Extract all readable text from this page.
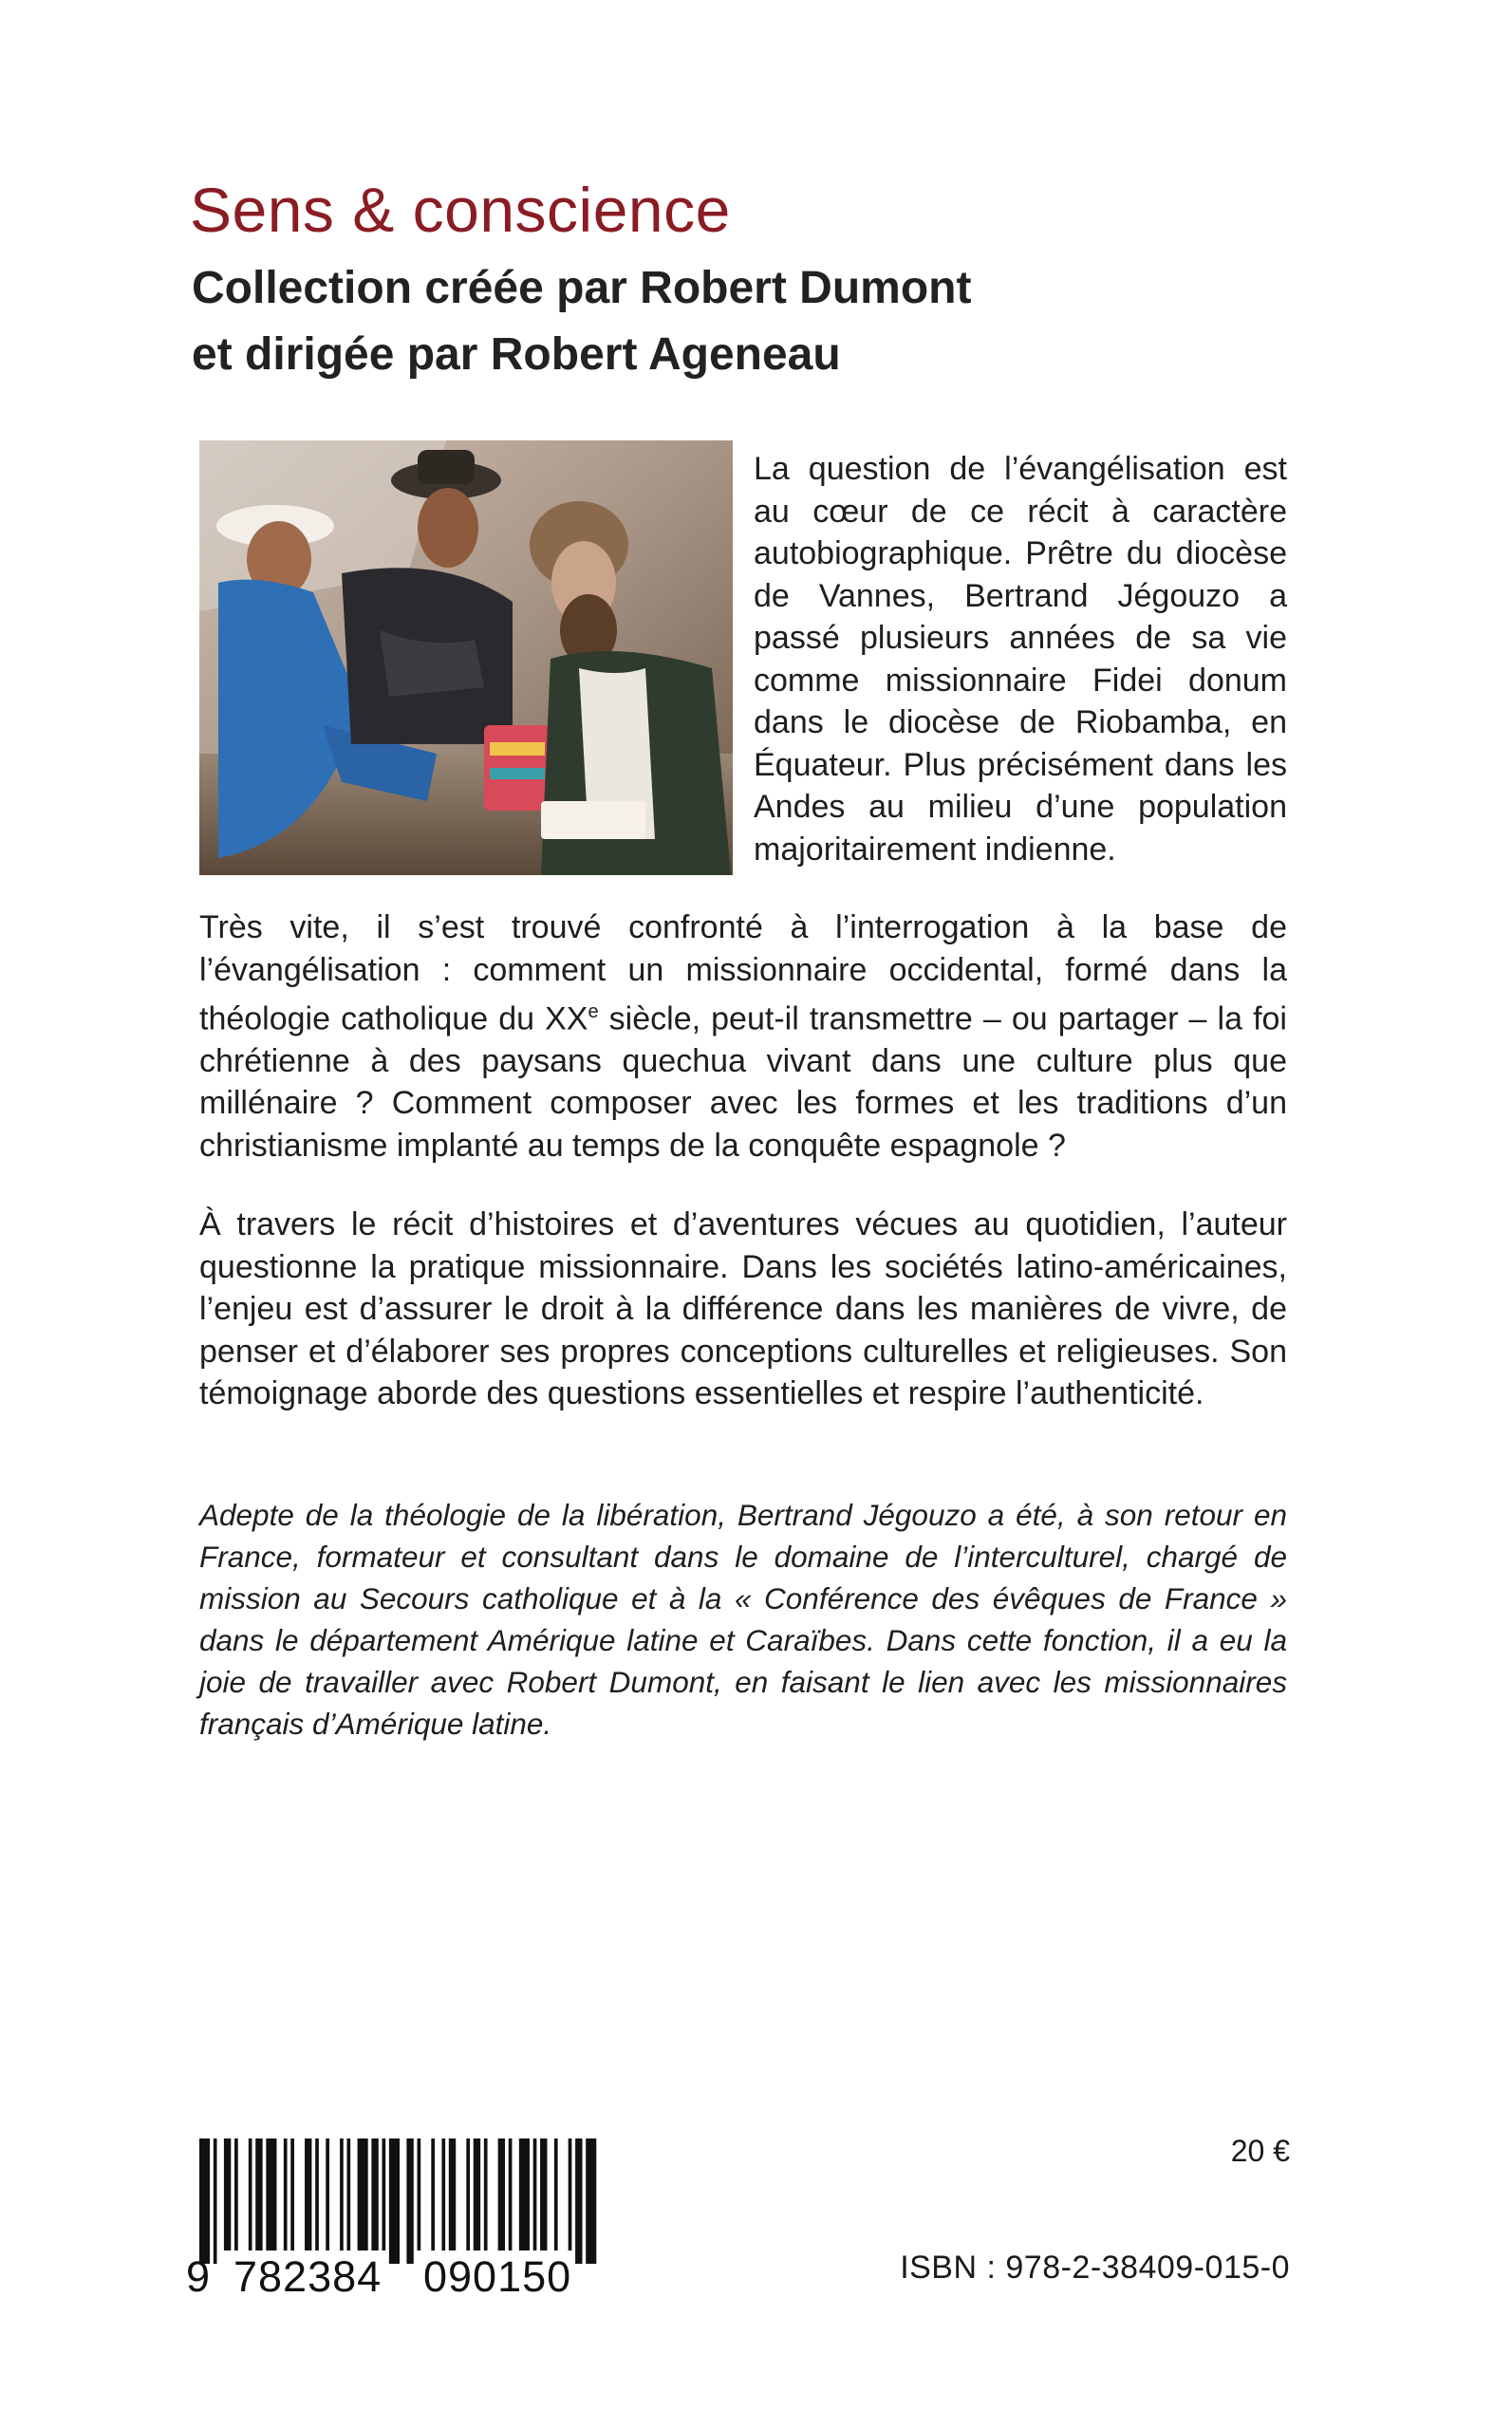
Sens & conscience
Collection créée par Robert Dumont
et dirigée par Robert Ageneau

La question de l’évangélisation est au cœur de ce récit à caractère autobiographique. Prêtre du diocèse de Vannes, Bertrand Jégouzo a passé plusieurs années de sa vie comme missionnaire Fidei donum dans le diocèse de Riobamba, en Équateur. Plus précisément dans les Andes au milieu d’une population majoritairement indienne.

Très vite, il s’est trouvé confronté à l’interrogation à la base de l’évangélisation : comment un missionnaire occidental, formé dans la théologie catholique du XXe siècle, peut-il transmettre – ou partager – la foi chrétienne à des paysans quechua vivant dans une culture plus que millénaire ? Comment composer avec les formes et les traditions d’un christianisme implanté au temps de la conquête espagnole ?

À travers le récit d’histoires et d’aventures vécues au quotidien, l’auteur questionne la pratique missionnaire. Dans les sociétés latino-américaines, l’enjeu est d’assurer le droit à la différence dans les manières de vivre, de penser et d’élaborer ses propres conceptions culturelles et religieuses. Son témoignage aborde des questions essentielles et respire l’authenticité.

Adepte de la théologie de la libération, Bertrand Jégouzo a été, à son retour en France, formateur et consultant dans le domaine de l’interculturel, chargé de mission au Secours catholique et à la « Conférence des évêques de France » dans le département Amérique latine et Caraïbes. Dans cette fonction, il a eu la joie de travailler avec Robert Dumont, en faisant le lien avec les missionnaires français d’Amérique latine.

9 782384 090150
20 €
ISBN : 978-2-38409-015-0
